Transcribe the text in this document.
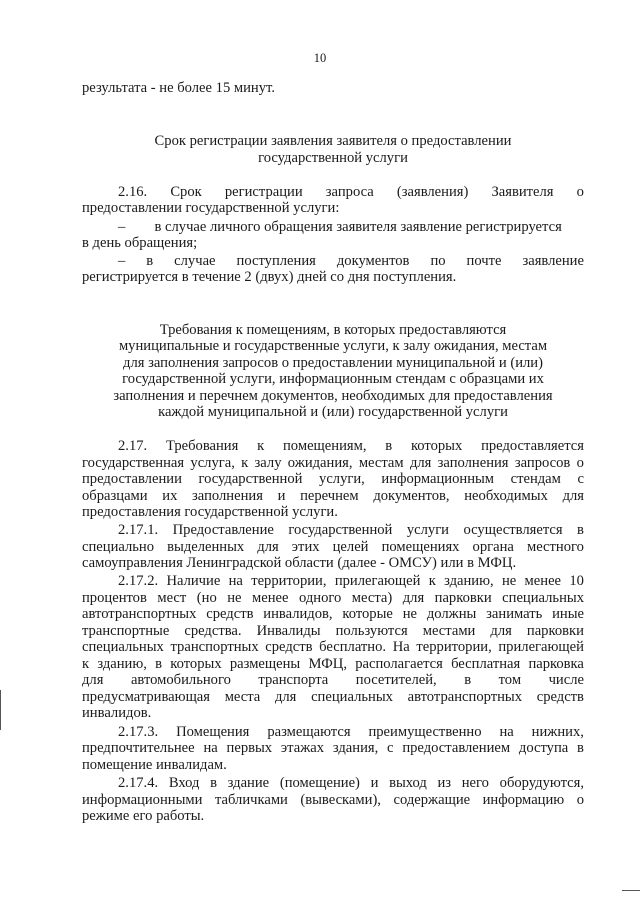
10
результата - не более 15 минут.
Срок регистрации заявления заявителя о предоставлении
государственной услуги
2.16. Срок регистрации запроса (заявления) Заявителя о
предоставлении государственной услуги:
–        в случае личного обращения заявителя заявление регистрируется
в день обращения;
– в случае поступления документов по почте заявление
регистрируется в течение 2 (двух) дней со дня поступления.
Требования к помещениям, в которых предоставляются
муниципальные и государственные услуги, к залу ожидания, местам
для заполнения запросов о предоставлении муниципальной и (или)
государственной услуги, информационным стендам с образцами их
заполнения и перечнем документов, необходимых для предоставления
каждой муниципальной и (или) государственной услуги
2.17. Требования к помещениям, в которых предоставляется
государственная услуга, к залу ожидания, местам для заполнения запросов о
предоставлении государственной услуги, информационным стендам с
образцами их заполнения и перечнем документов, необходимых для
предоставления государственной услуги.
2.17.1. Предоставление государственной услуги осуществляется в
специально выделенных для этих целей помещениях органа местного
самоуправления Ленинградской области (далее - ОМСУ) или в МФЦ.
2.17.2. Наличие на территории, прилегающей к зданию, не менее 10
процентов мест (но не менее одного места) для парковки специальных
автотранспортных средств инвалидов, которые не должны занимать иные
транспортные средства. Инвалиды пользуются местами для парковки
специальных транспортных средств бесплатно. На территории, прилегающей
к зданию, в которых размещены МФЦ, располагается бесплатная парковка
для автомобильного транспорта посетителей, в том числе
предусматривающая места для специальных автотранспортных средств
инвалидов.
2.17.3. Помещения размещаются преимущественно на нижних,
предпочтительнее на первых этажах здания, с предоставлением доступа в
помещение инвалидам.
2.17.4. Вход в здание (помещение) и выход из него оборудуются,
информационными табличками (вывесками), содержащие информацию о
режиме его работы.
